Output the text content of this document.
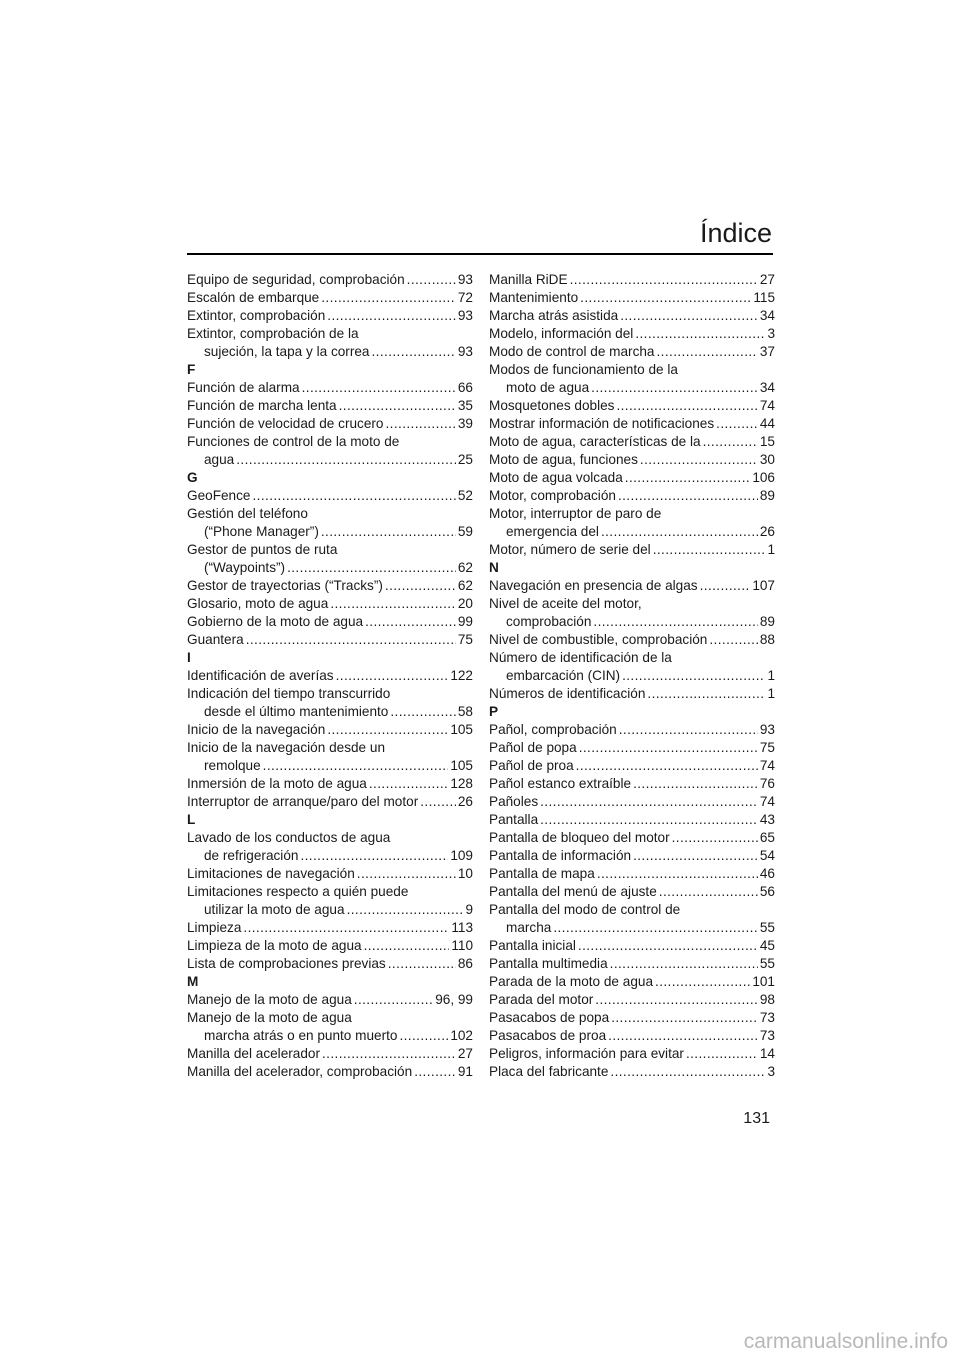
Índice
Equipo de seguridad, comprobación .....	93
Escalón de embarque .....	72
Extintor, comprobación .....	93
Extintor, comprobación de la
sujeción, la tapa y la correa .....	93
F
Función de alarma .....	66
Función de marcha lenta .....	35
Función de velocidad de crucero .....	39
Funciones de control de la moto de
agua .....	25
G
GeoFence .....	52
Gestión del teléfono
(“Phone Manager”) .....	59
Gestor de puntos de ruta
(“Waypoints”) .....	62
Gestor de trayectorias (“Tracks”) .....	62
Glosario, moto de agua .....	20
Gobierno de la moto de agua .....	99
Guantera .....	75
I
Identificación de averías .....	122
Indicación del tiempo transcurrido
desde el último mantenimiento .....	58
Inicio de la navegación .....	105
Inicio de la navegación desde un
remolque .....	105
Inmersión de la moto de agua .....	128
Interruptor de arranque/paro del motor .....	26
L
Lavado de los conductos de agua
de refrigeración .....	109
Limitaciones de navegación .....	10
Limitaciones respecto a quién puede
utilizar la moto de agua .....	9
Limpieza .....	113
Limpieza de la moto de agua .....	110
Lista de comprobaciones previas .....	86
M
Manejo de la moto de agua .....	96, 99
Manejo de la moto de agua
marcha atrás o en punto muerto .....	102
Manilla del acelerador .....	27
Manilla del acelerador, comprobación .....	91
Manilla RiDE .....	27
Mantenimiento .....	115
Marcha atrás asistida .....	34
Modelo, información del .....	3
Modo de control de marcha .....	37
Modos de funcionamiento de la
moto de agua .....	34
Mosquetones dobles .....	74
Mostrar información de notificaciones .....	44
Moto de agua, características de la .....	15
Moto de agua, funciones .....	30
Moto de agua volcada .....	106
Motor, comprobación .....	89
Motor, interruptor de paro de
emergencia del .....	26
Motor, número de serie del .....	1
N
Navegación en presencia de algas .....	107
Nivel de aceite del motor,
comprobación .....	89
Nivel de combustible, comprobación .....	88
Número de identificación de la
embarcación (CIN) .....	1
Números de identificación .....	1
P
Pañol, comprobación .....	93
Pañol de popa .....	75
Pañol de proa .....	74
Pañol estanco extraíble .....	76
Pañoles .....	74
Pantalla .....	43
Pantalla de bloqueo del motor .....	65
Pantalla de información .....	54
Pantalla de mapa .....	46
Pantalla del menú de ajuste .....	56
Pantalla del modo de control de
marcha .....	55
Pantalla inicial .....	45
Pantalla multimedia .....	55
Parada de la moto de agua .....	101
Parada del motor .....	98
Pasacabos de popa .....	73
Pasacabos de proa .....	73
Peligros, información para evitar .....	14
Placa del fabricante .....	3
131
carmanualsonline.info
